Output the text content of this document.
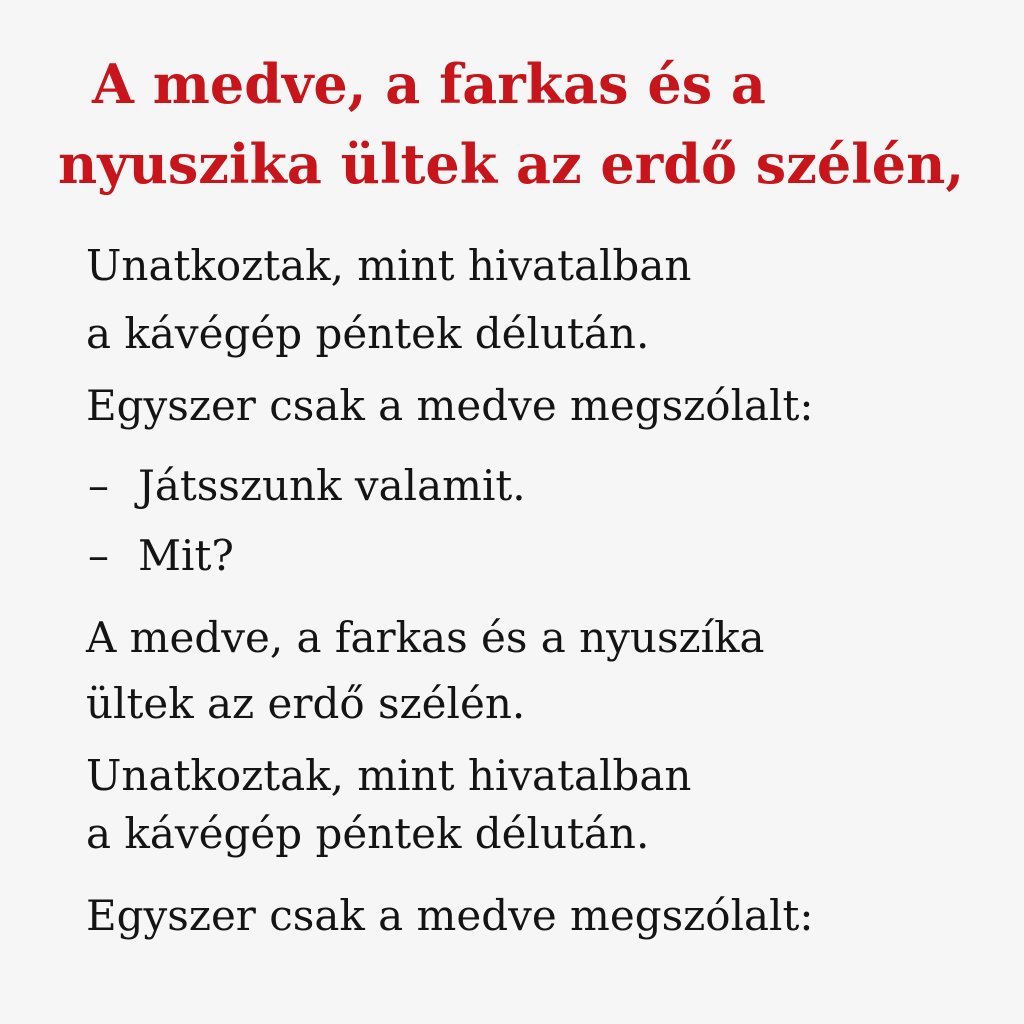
A medve, a farkas és a
nyuszika ültek az erdő szélén,

Unatkoztak, mint hivatalban

a kávégép péntek délután.

Egyszer csak a medve megszólalt:

– Játsszunk valamit.

– Mit?

A medve, a farkas és a nyuszíka

ültek az erdő szélén.

Unatkoztak, mint hivatalban

a kávégép péntek délután.

Egyszer csak a medve megszólalt:
